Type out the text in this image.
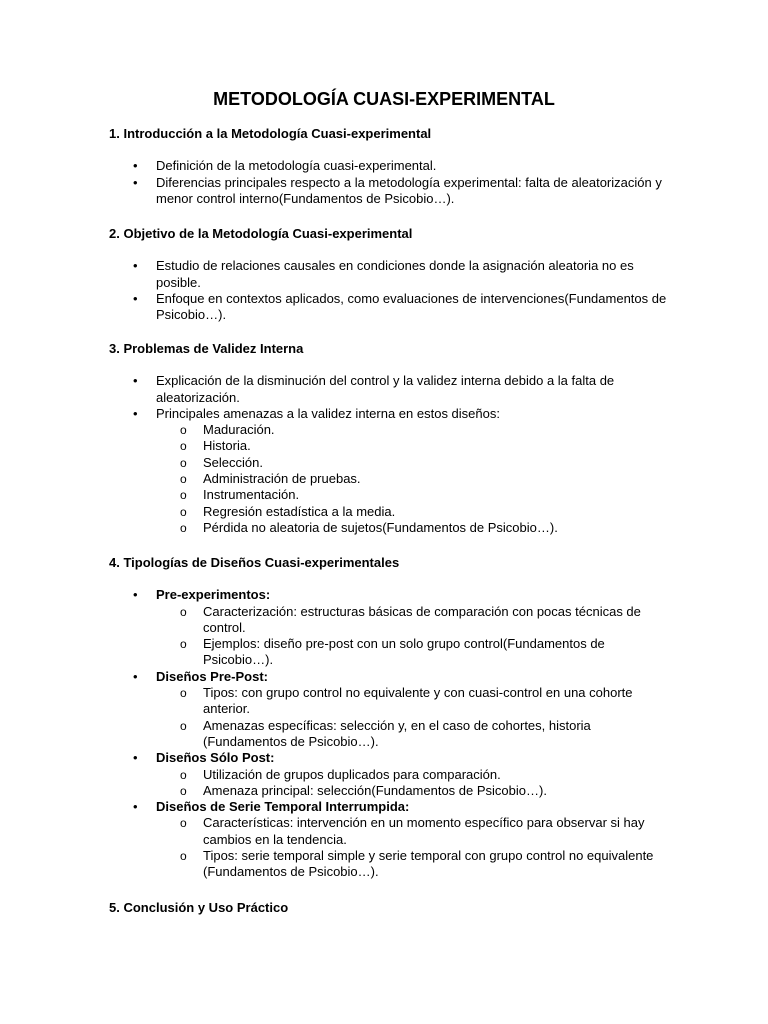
METODOLOGÍA CUASI-EXPERIMENTAL

1. Introducción a la Metodología Cuasi-experimental

• Definición de la metodología cuasi-experimental.
• Diferencias principales respecto a la metodología experimental: falta de aleatorización y menor control interno(Fundamentos de Psicobio…).

2. Objetivo de la Metodología Cuasi-experimental

• Estudio de relaciones causales en condiciones donde la asignación aleatoria no es posible.
• Enfoque en contextos aplicados, como evaluaciones de intervenciones(Fundamentos de Psicobio…).

3. Problemas de Validez Interna

• Explicación de la disminución del control y la validez interna debido a la falta de aleatorización.
• Principales amenazas a la validez interna en estos diseños:
o Maduración.
o Historia.
o Selección.
o Administración de pruebas.
o Instrumentación.
o Regresión estadística a la media.
o Pérdida no aleatoria de sujetos(Fundamentos de Psicobio…).

4. Tipologías de Diseños Cuasi-experimentales

• Pre-experimentos:
o Caracterización: estructuras básicas de comparación con pocas técnicas de control.
o Ejemplos: diseño pre-post con un solo grupo control(Fundamentos de Psicobio…).
• Diseños Pre-Post:
o Tipos: con grupo control no equivalente y con cuasi-control en una cohorte anterior.
o Amenazas específicas: selección y, en el caso de cohortes, historia (Fundamentos de Psicobio…).
• Diseños Sólo Post:
o Utilización de grupos duplicados para comparación.
o Amenaza principal: selección(Fundamentos de Psicobio…).
• Diseños de Serie Temporal Interrumpida:
o Características: intervención en un momento específico para observar si hay cambios en la tendencia.
o Tipos: serie temporal simple y serie temporal con grupo control no equivalente (Fundamentos de Psicobio…).

5. Conclusión y Uso Práctico
